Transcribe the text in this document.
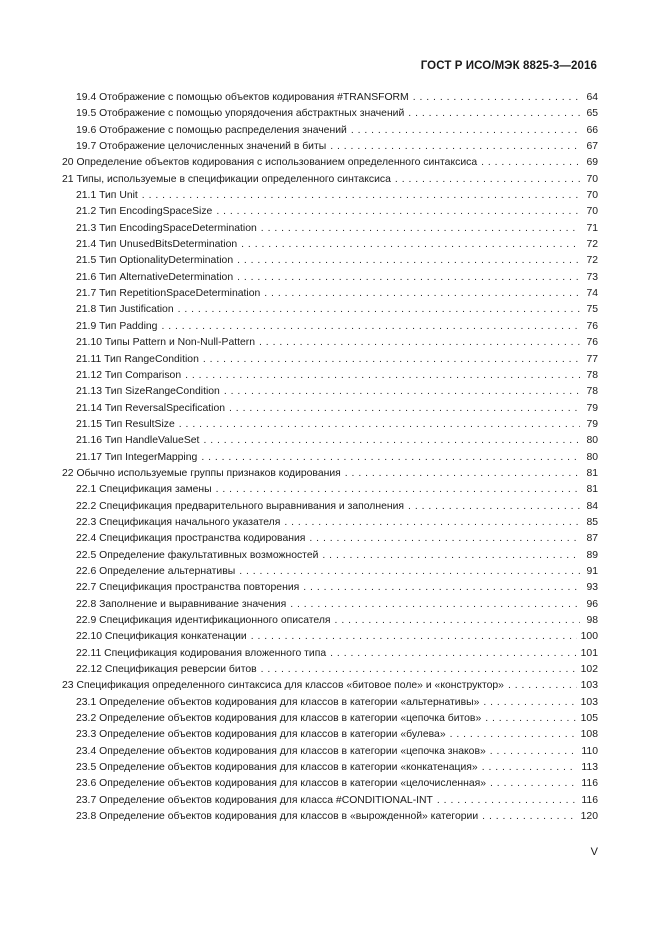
ГОСТ Р ИСО/МЭК 8825-3—2016
19.4 Отображение с помощью объектов кодирования #TRANSFORM . . .	64
19.5 Отображение с помощью упорядочения абстрактных значений . . .	65
19.6 Отображение с помощью распределения значений . . .	66
19.7 Отображение целочисленных значений в биты . . .	67
20 Определение объектов кодирования с использованием определенного синтаксиса . . .	69
21 Типы, используемые в спецификации определенного синтаксиса . . .	70
21.1 Тип Unit . . .	70
21.2 Тип EncodingSpaceSize . . .	70
21.3 Тип EncodingSpaceDetermination . . .	71
21.4 Тип UnusedBitsDetermination . . .	72
21.5 Тип OptionalityDetermination . . .	72
21.6 Тип AlternativeDetermination . . .	73
21.7 Тип RepetitionSpaceDetermination . . .	74
21.8 Тип Justification . . .	75
21.9 Тип Padding . . .	76
21.10 Типы Pattern и Non-Null-Pattern . . .	76
21.11 Тип RangeCondition . . .	77
21.12 Тип Comparison . . .	78
21.13 Тип SizeRangeCondition . . .	78
21.14 Тип ReversalSpecification . . .	79
21.15 Тип ResultSize . . .	79
21.16 Тип HandleValueSet . . .	80
21.17 Тип IntegerMapping . . .	80
22 Обычно используемые группы признаков кодирования . . .	81
22.1 Спецификация замены . . .	81
22.2 Спецификация предварительного выравнивания и заполнения . . .	84
22.3 Спецификация начального указателя . . .	85
22.4 Спецификация пространства кодирования . . .	87
22.5 Определение факультативных возможностей . . .	89
22.6 Определение альтернативы . . .	91
22.7 Спецификация пространства повторения . . .	93
22.8 Заполнение и выравнивание значения . . .	96
22.9 Спецификация идентификационного описателя . . .	98
22.10 Спецификация конкатенации . . .	100
22.11 Спецификация кодирования вложенного типа . . .	101
22.12 Спецификация реверсии битов . . .	102
23 Спецификация определенного синтаксиса для классов «битовое поле» и «конструктор» . . .	103
23.1 Определение объектов кодирования для классов в категории «альтернативы» . . .	103
23.2 Определение объектов кодирования для классов в категории «цепочка битов» . . .	105
23.3 Определение объектов кодирования для классов в категории «булева» . . .	108
23.4 Определение объектов кодирования для классов в категории «цепочка знаков» . . .	110
23.5 Определение объектов кодирования для классов в категории «конкатенация» . . .	113
23.6 Определение объектов кодирования для классов в категории «целочисленная» . . .	116
23.7 Определение объектов кодирования для класса #CONDITIONAL-INT . . .	116
23.8 Определение объектов кодирования для классов в «вырожденной» категории . . .	120
V
